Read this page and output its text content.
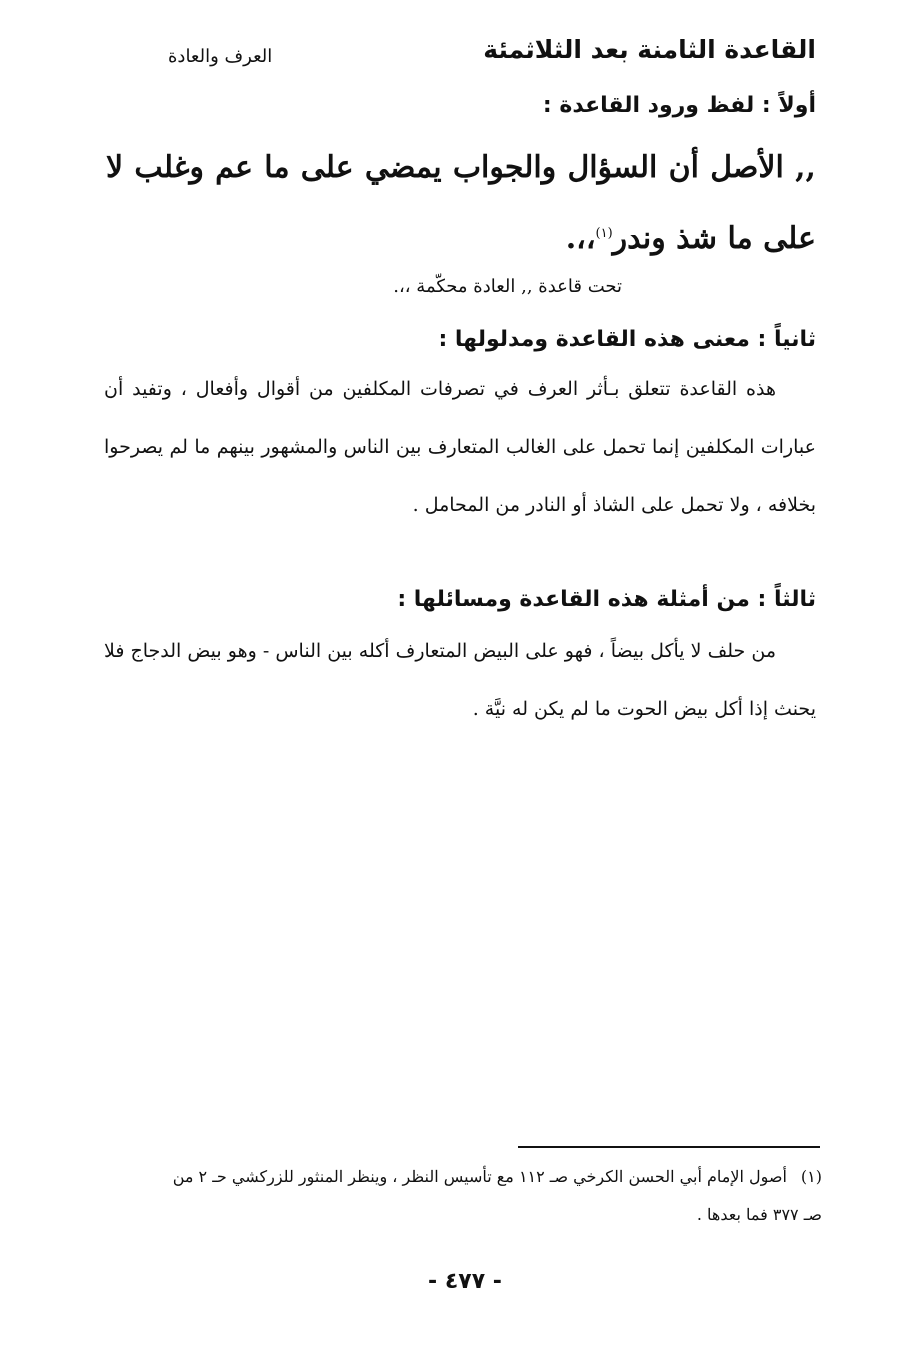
القاعدة الثامنة بعد الثلاثمئة
العرف والعادة
أولاً : لفظ ورود القاعدة :
,, الأصل أن السؤال والجواب يمضي على ما عم وغلب لا على ما شذ وندر$^{(١)}$،،.
تحت قاعدة ,, العادة محكّمة ،،.
ثانياً : معنى هذه القاعدة ومدلولها :
هذه القاعدة تتعلق بـأثر العرف في تصرفات المكلفين من أقوال وأفعال ، وتفيد أن عبارات المكلفين إنما تحمل على الغالب المتعارف بين الناس والمشهور بينهم ما لم يصرحوا بخلافه ، ولا تحمل على الشاذ أو النادر من المحامل .
ثالثاً : من أمثلة هذه القاعدة ومسائلها :
من حلف لا يأكل بيضاً ، فهو على البيض المتعارف أكله بين الناس - وهو بيض الدجاج فلا يحنث إذا أكل بيض الحوت ما لم يكن له نيَّة .
(١)أصول الإمام أبي الحسن الكرخي صـ ١١٢ مع تأسيس النظر ، وينظر المنثور للزركشي حـ ٢ من صـ ٣٧٧ فما بعدها .
- ٤٧٧ -
